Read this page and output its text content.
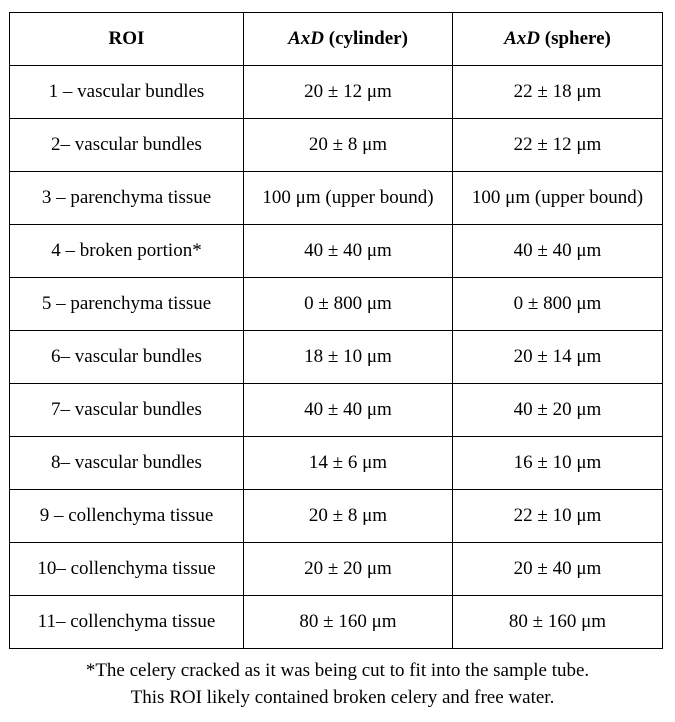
ROI	AxD (cylinder)	AxD (sphere)
1 – vascular bundles	20 ± 12 μm	22 ± 18 μm
2– vascular bundles	20 ± 8 μm	22 ± 12 μm
3 – parenchyma tissue	100 μm (upper bound)	100 μm (upper bound)
4 – broken portion*	40 ± 40 μm	40 ± 40 μm
5 – parenchyma tissue	0 ± 800 μm	0 ± 800 μm
6– vascular bundles	18 ± 10 μm	20 ± 14 μm
7– vascular bundles	40 ± 40 μm	40 ± 20 μm
8– vascular bundles	14 ± 6 μm	16 ± 10 μm
9 – collenchyma tissue	20 ± 8 μm	22 ± 10 μm
10– collenchyma tissue	20 ± 20 μm	20 ± 40 μm
11– collenchyma tissue	80 ± 160 μm	80 ± 160 μm
*The celery cracked as it was being cut to fit into the sample tube.
This ROI likely contained broken celery and free water.
